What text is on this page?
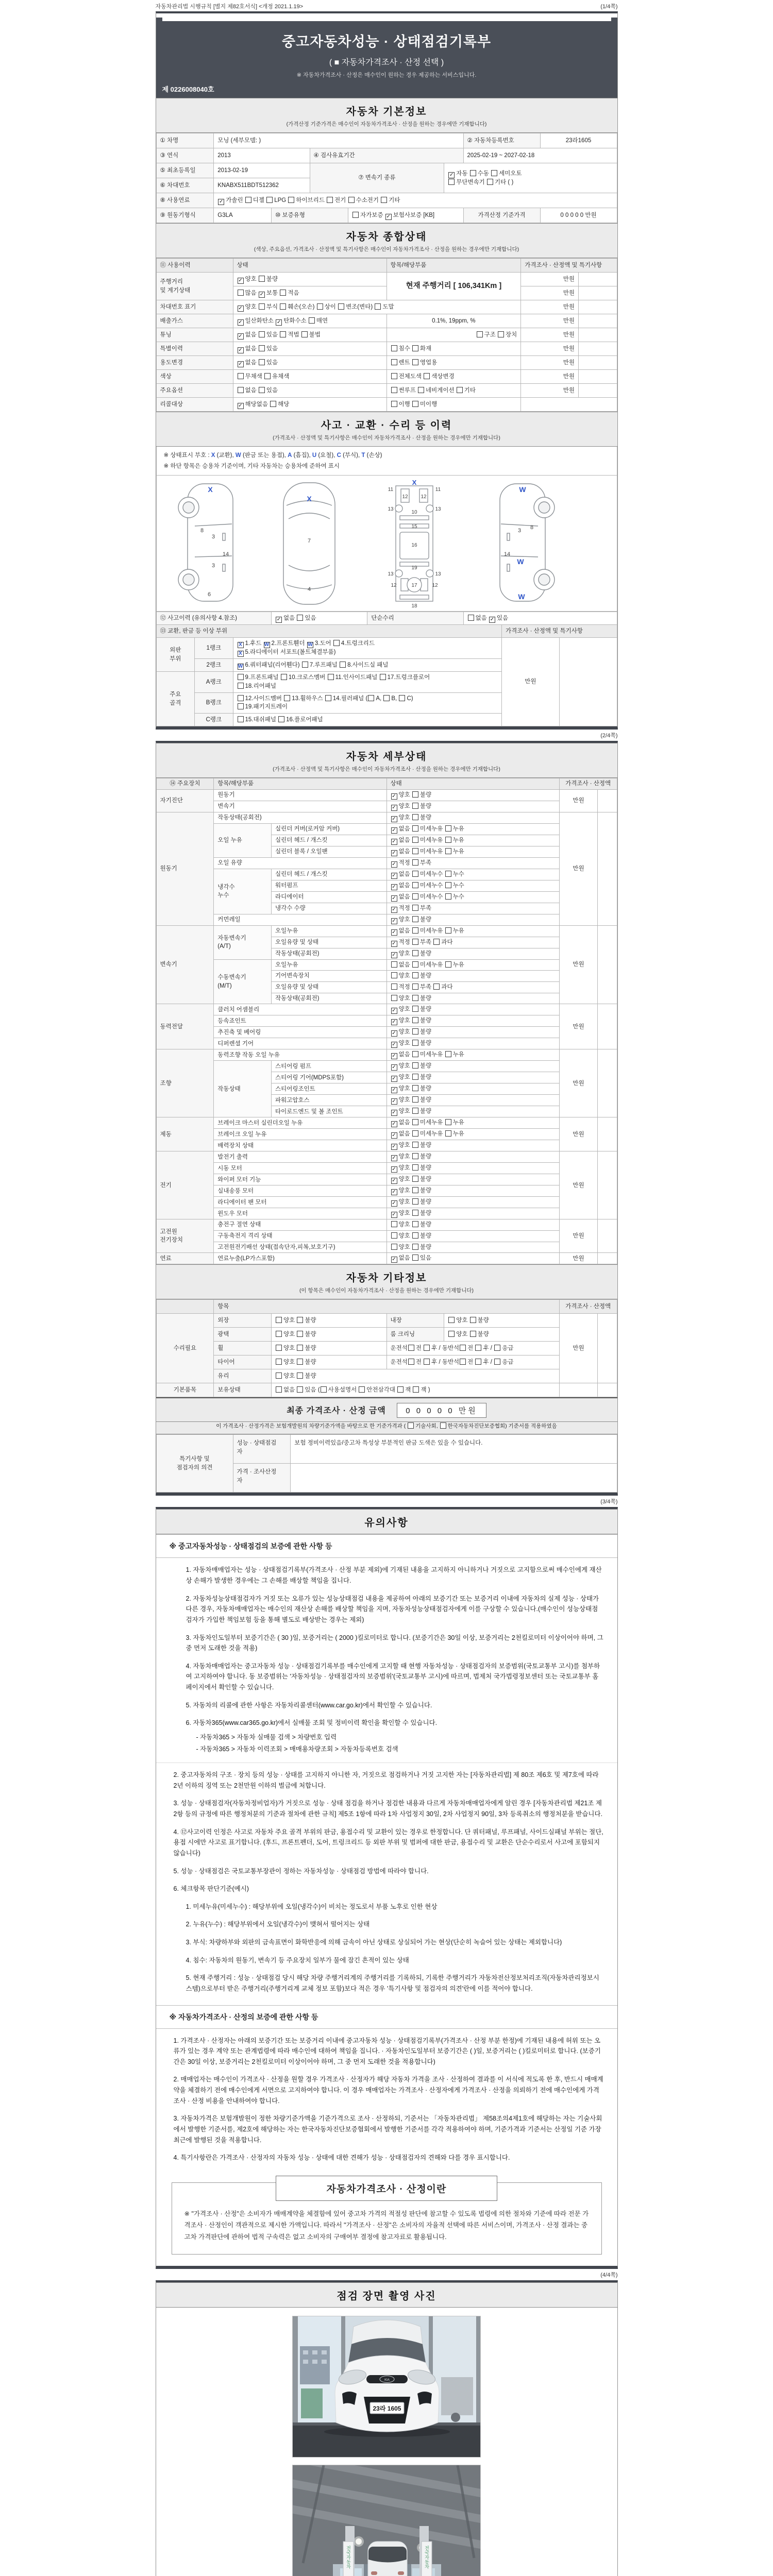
자동차관리법 시행규칙 [별지 제82호서식] <개정 2021.1.19>	(1/4쪽)
중고자동차성능 · 상태점검기록부
( ■ 자동차가격조사 · 산정 선택 )
※ 자동차가격조사 · 산정은 매수인이 원하는 경우 제공하는 서비스입니다.
제 0226008040호
자동차 기본정보
(가격산정 기준가격은 매수인이 자동차가격조사 · 산정을 원하는 경우에만 기재합니다)
① 차명	모닝 (세부모델: )					② 자동차등록번호	23라1605
③ 연식	2013		④ 검사유효기간			2025-02-19 ~ 2027-02-18	
⑤ 최초등록일	2013-02-19		⑦ 변속기 종류	✓자동 수동 세미오토
무단변속기 기타 ( )
⑥ 차대번호	KNABX511BDT512362						
⑧ 사용연료	✓가솔린 디젤 LPG 하이브리드 전기 수소전기 기타
⑨ 원동기형식	G3LA	⑩ 보증유형		자가보증 ✓보험사보증 [KB]		가격산정 기준가격	0 0 0 0 0 만원
자동차 종합상태
(색상, 주요옵션, 가격조사 · 산정액 및 특기사항은 매수인이 자동차가격조사 · 산정을 원하는 경우에만 기재합니다)
⑪ 사용이력	상태	항목/해당부품	가격조사 · 산정액 및 특기사항	
주행거리
및 계기상태	✓양호 불량	현재 주행거리 [ 106,341Km ]	만원	
	많음 ✓보통 적음		만원	
차대번호 표기	✓양호 부식 훼손(오손) 상이 변조(변타) 도말		만원	
배출가스	✓일산화탄소 ✓탄화수소 매연	0.1%, 19ppm, %	만원	
튜닝	✓없음 있음 적법 불법	구조 장치	만원	
특별이력	✓없음 있음	침수 화재	만원	
용도변경	✓없음 있음	렌트 영업용	만원	
색상	무채색 유채색	전체도색 색상변경	만원	
주요옵션	없음 있음	썬루프 네비게이션 기타	만원	
리콜대상	✓해당없음 해당	이행 미이행		
사고 · 교환 · 수리 등 이력
(가격조사 · 산정액 및 특기사항은 매수인이 자동차가격조사 · 산정을 원하는 경우에만 기재합니다)
※ 상태표시 부호 : X (교환), W (판금 또는 용접), A (흠집), U (요철), C (부식), T (손상)
※ 하단 항목은 승용차 기준이며, 기타 자동차는 승용차에 준하여 표시
8
3
14
3
6
X
7
4
X
11	11
13	13
12 12
10
15
16
19
13	13
12	12
17
18
X
3 8
14
W
W
W
⑫ 사고이력 (유의사항 4.참조)	✓없음 있음	단순수리	없음 ✓있음
⑬ 교환, 판금 등 이상 부위						가격조사 · 산정액 및 특기사항	
외판
부위	1랭크	X 1.후드 W 2.프론트휀더 W 3.도어 4.트렁크리드
X 5.라디에이터 서포트(볼트체결부품)				만원	
	2랭크	W 6.쿼터패널(리어휀다) 7.루프패널 8.사이드실 패널					
주요
골격	A랭크	9.프론트패널 10.크로스멤버 11.인사이드패널 17.트렁크플로어
18.리어패널					
	B랭크	12.사이드멤버 13.휠하우스 14.필러패널 ( A, B, C)
19.패키지트레이					
	C랭크	15.대쉬패널 16.플로어패널					
(2/4쪽)
자동차 세부상태
(가격조사 · 산정액 및 특기사항은 매수인이 자동차가격조사 · 산정을 원하는 경우에만 기재합니다)
⑭ 주요장치	항목/해당부품		상태	가격조사 · 산정액	
자기진단	원동기	✓양호 불량	만원	
	변속기	✓양호 불량
원동기	작동상태(공회전)	✓양호 불량	만원	
	오일 누유	실린더 커버(로커암 커버)	✓없음 미세누유 누유
		실린더 헤드 / 개스킷	✓없음 미세누유 누유
		실린더 블록 / 오일팬	✓없음 미세누유 누유
	오일 유량	✓적정 부족
	냉각수
누수	실린더 헤드 / 개스킷	✓없음 미세누수 누수
		워터펌프	✓없음 미세누수 누수
		라디에이터	✓없음 미세누수 누수
		냉각수 수량	✓적정 부족
	커먼레일	✓양호 불량
변속기	자동변속기
(A/T)	오일누유	✓없음 미세누유 누유	만원	
		오일유량 및 상태	✓적정 부족 과다
		작동상태(공회전)	✓양호 불량
	수동변속기
(M/T)	오일누유	없음 미세누유 누유		
		기어변속장치	양호 불량		
		오일유량 및 상태	적정 부족 과다		
		작동상태(공회전)	양호 불량		
동력전달	클러치 어셈블리	✓양호 불량	만원	
	등속죠인트	✓양호 불량
	추진축 및 베어링	✓양호 불량
	디퍼렌셜 기어	✓양호 불량
조향	동력조향 작동 오일 누유	✓없음 미세누유 누유	만원	
	작동상태	스티어링 펌프	✓양호 불량
		스티어링 기어(MDPS포함)	✓양호 불량
		스티어링조인트	✓양호 불량
		파워고압호스	✓양호 불량
		타이로드엔드 및 볼 조인트	✓양호 불량
제동	브레이크 마스터 실린더오일 누유	✓없음 미세누유 누유	만원	
	브레이크 오일 누유	✓없음 미세누유 누유
	배력장치 상태	✓양호 불량
전기	발전기 출력	✓양호 불량	만원	
	시동 모터	✓양호 불량
	와이퍼 모터 기능	✓양호 불량
	실내송풍 모터	✓양호 불량
	라디에이터 팬 모터	✓양호 불량
	윈도우 모터	✓양호 불량
고전원
전기장치	충전구 절연 상태		양호 불량	만원	
	구동축전지 격리 상태		양호 불량		
	고전원전기배선 상태(접속단자,피복,보호기구)		양호 불량		
연료	연료누출(LP가스포함)	✓없음 있음	만원	
자동차 기타정보
(이 항목은 매수인이 자동차가격조사 · 산정을 원하는 경우에만 기재합니다)
	항목				가격조사 · 산정액	
수리필요	외장	양호 불량	내장	양호 불량	만원	
	광택	양호 불량	룸 크리닝	양호 불량		
	휠	양호 불량	운전석 전 후 / 동반석 전 후 / 응급			
	타이어	양호 불량	운전석 전 후 / 동반석 전 후 / 응급			
	유리	양호 불량				
기본품목	보유상태	없음 있음 ( 사용설명서 안전삼각대 잭 잭 )				
최종 가격조사 · 산정 금액	0 0 0 0 0 만원
이 가격조사 · 산정가격은 보험개발원의 차량기준가액을 바탕으로 한 기준가격과 ( 기술사회, 한국자동차진단보증협회) 기준서를 적용하였음
특기사항 및
점검자의 의견	성능 · 상태점검
자	보험 정비이력있음/중고차 특성상 부분적인 판금 도색은 있을 수 있습니다.
	가격 · 조사산정
자	
(3/4쪽)
유의사항
※ 중고자동차성능 · 상태점검의 보증에 관한 사항 등
1. 자동차매매업자는 성능 · 상태점검기록부(가격조사 · 산정 부분 제외)에 기재된 내용을 고지하지 아니하거나 거짓으로 고지함으로써 매수인에게 재산상 손해가 발생한 경우에는 그 손해를 배상할 책임을 집니다.
2. 자동차성능상태점검자가 거짓 또는 오류가 있는 성능상태점검 내용을 제공하여 아래의 보증기간 또는 보증거리 이내에 자동차의 실제 성능 · 상태가 다른 경우, 자동차매매업자는 매수인의 재산상 손해를 배상할 책임을 지며, 자동차성능상태점검자에게 이를 구상할 수 있습니다.(매수인이 성능상태점검자가 가입한 책임보험 등을 통해 별도로 배상받는 경우는 제외)
3. 자동차인도일부터 보증기간은 ( 30 )일, 보증거리는 ( 2000 )킬로미터로 합니다. (보증기간은 30일 이상, 보증거리는 2천킬로미터 이상이어야 하며, 그 중 먼저 도래한 것을 적용)
4. 자동차매매업자는 중고자동차 성능 · 상태점검기록부를 매수인에게 고지할 때 현행 자동차성능 · 상태점검자의 보증범위(국토교통부 고시)를 첨부하여 고지하여야 합니다. 동 보증범위는 '자동차성능 · 상태점검자의 보증범위'(국토교통부 고시)에 따르며, 법제처 국가법령정보센터 또는 국토교통부 홈페이지에서 확인할 수 있습니다.
5. 자동차의 리콜에 관한 사항은 자동차리콜센터(www.car.go.kr)에서 확인할 수 있습니다.
6. 자동차365(www.car365.go.kr)에서 실매물 조회 및 정비이력 확인을 확인할 수 있습니다.
- 자동차365 > 자동차 실매물 검색 > 차량번호 입력
- 자동차365 > 자동차 이력조회 > 매매용차량조회 > 자동차등록번호 검색
2. 중고자동차의 구조 · 장치 등의 성능 · 상태를 고지하지 아니한 자, 거짓으로 점검하거나 거짓 고지한 자는 [자동차관리법] 제 80조 제6호 및 제7호에 따라 2년 이하의 징역 또는 2천만원 이하의 벌금에 처합니다.
3. 성능 · 상태점검자(자동차정비업자)가 거짓으로 성능 · 상태 점검을 하거나 점검한 내용과 다르게 자동차매매업자에게 알린 경우 [자동차관리법 제21조 제2항 등의 규정에 따른 행정처분의 기준과 절차에 관한 규칙] 제5조 1항에 따라 1차 사업정지 30일, 2차 사업정지 90일, 3차 등록취소의 행정처분을 받습니다.
4. ⑫사고이력 인정은 사고로 자동차 주요 골격 부위의 판금, 용접수리 및 교환이 있는 경우로 한정합니다. 단 쿼터패널, 루프패널, 사이드실패널 부위는 절단, 용접 시에만 사고로 표기합니다. (후드, 프론트펜더, 도어, 트렁크리드 등 외판 부위 및 범퍼에 대한 판금, 용접수리 및 교환은 단순수리로서 사고에 포함되지 않습니다)
5. 성능 · 상태점검은 국토교통부장관이 정하는 자동차성능 · 상태점검 방법에 따라야 합니다.
6. 체크항목 판단기준(예시)
1. 미세누유(미세누수) : 해당부위에 오일(냉각수)이 비치는 정도로서 부품 노후로 인한 현상
2. 누유(누수) : 해당부위에서 오일(냉각수)이 맺혀서 떨어지는 상태
3. 부식: 차량하부와 외판의 금속표면이 화학반응에 의해 금속이 아닌 상태로 상실되어 가는 현상(단순히 녹슬어 있는 상태는 제외합니다)
4. 침수: 자동차의 원동기, 변속기 등 주요장치 일부가 물에 잠긴 흔적이 있는 상태
5. 현재 주행거리 : 성능 · 상태점검 당시 해당 차량 주행거리계의 주행거리를 기록하되, 기록한 주행거리가 자동차전산정보처리조직(자동차관리정보시스템)으로부터 받은 주행거리(주행거리계 교체 정보 포함)보다 적은 경우 '특기사항 및 점검자의 의견'란에 이를 적어야 합니다.
※ 자동차가격조사 · 산정의 보증에 관한 사항 등
1. 가격조사 · 산정자는 아래의 보증기간 또는 보증거리 이내에 중고자동차 성능 · 상태점검기록부(가격조사 · 산정 부분 한정)에 기재된 내용에 허위 또는 오류가 있는 경우 계약 또는 관계법령에 따라 매수인에 대하여 책임을 집니다. · 자동차인도일부터 보증기간은 ( )일, 보증거리는 ( )킬로미터로 합니다. (보증기간은 30일 이상, 보증거리는 2천킬로미터 이상이어야 하며, 그 중 먼저 도래한 것을 적용합니다)
2. 매매업자는 매수인이 가격조사 · 산정을 원할 경우 가격조사 · 산정자가 해당 자동차 가격을 조사 · 산정하여 결과를 이 서식에 적도록 한 후, 반드시 매매계약을 체결하기 전에 매수인에게 서면으로 고지하여야 합니다. 이 경우 매매업자는 가격조사 · 산정자에게 가격조사 · 산정을 의뢰하기 전에 매수인에게 가격조사 · 산정 비용을 안내하여야 합니다.
3. 자동차가격은 보험개발원이 정한 차량기준가액을 기준가격으로 조사 · 산정하되, 기준서는 「자동차관리법」 제58조의4제1호에 해당하는 자는 기술사회에서 발행한 기준서를, 제2호에 해당하는 자는 한국자동차진단보증협회에서 발행한 기준서를 각각 적용하여야 하며, 기준가격과 기준서는 산정일 기준 가장 최근에 발행된 것을 적용합니다.
4. 특기사항란은 가격조사 · 산정자의 자동차 성능 · 상태에 대한 견해가 성능 · 상태점검자의 견해와 다를 경우 표시합니다.
자동차가격조사 · 산정이란
※ "가격조사 · 산정"은 소비자가 매매계약을 체결함에 있어 중고차 가격의 적절성 판단에 참고할 수 있도록 법령에 의한 절차와 기준에 따라 전문 가격조사 · 산정인이 객관적으로 제시한 가액입니다. 따라서 "가격조사 · 산정"은 소비자의 자율적 선택에 따른 서비스이며, 가격조사 · 산정 결과는 중고차 가격판단에 관하여 법적 구속력은 없고 소비자의 구매여부 결정에 참고자료로 활용됩니다.
(4/4쪽)
점검 장면 촬영 사진
KIA
23라 1605
전국자동차	전국자동차
